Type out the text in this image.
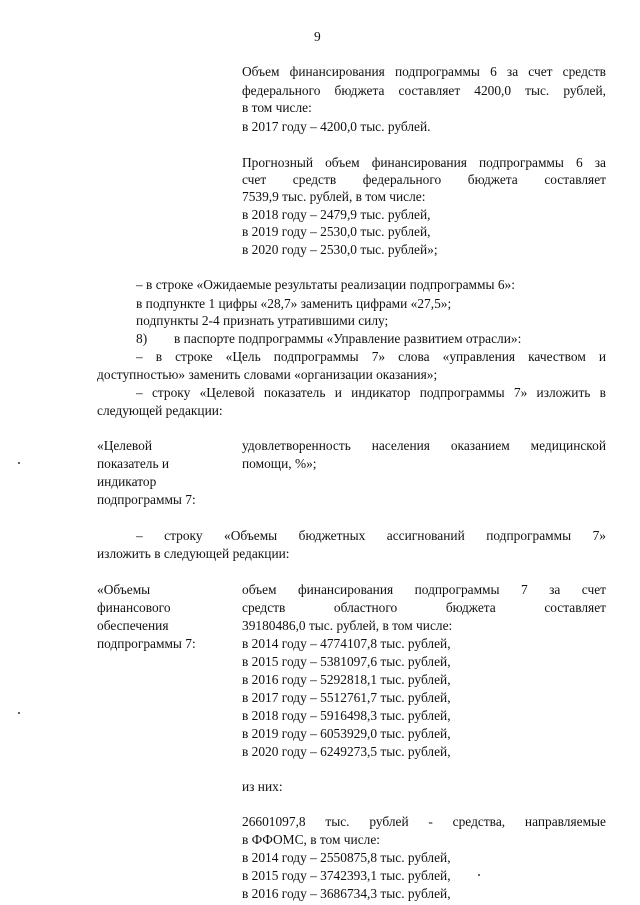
9
Объем финансирования подпрограммы 6 за счет средств
федерального бюджета составляет 4200,0 тыс. рублей,
в том числе:
в 2017 году – 4200,0 тыс. рублей.
Прогнозный объем финансирования подпрограммы 6 за
счет средств федерального бюджета составляет
7539,9 тыс. рублей, в том числе:
в 2018 году – 2479,9 тыс. рублей,
в 2019 году – 2530,0 тыс. рублей,
в 2020 году – 2530,0 тыс. рублей»;
– в строке «Ожидаемые результаты реализации подпрограммы 6»:
в подпункте 1 цифры «28,7» заменить цифрами «27,5»;
подпункты 2-4 признать утратившими силу;
8) в паспорте подпрограммы «Управление развитием отрасли»:
– в строке «Цель подпрограммы 7» слова «управления качеством и
доступностью» заменить словами «организации оказания»;
– строку «Целевой показатель и индикатор подпрограммы 7» изложить в
следующей редакции:
«Целевой
показатель и
индикатор
подпрограммы 7:
удовлетворенность населения оказанием медицинской
помощи, %»;
– строку «Объемы бюджетных ассигнований подпрограммы 7»
изложить в следующей редакции:
«Объемы
финансового
обеспечения
подпрограммы 7:
объем финансирования подпрограммы 7 за счет
средств областного бюджета составляет
39180486,0 тыс. рублей, в том числе:
в 2014 году – 4774107,8 тыс. рублей,
в 2015 году – 5381097,6 тыс. рублей,
в 2016 году – 5292818,1 тыс. рублей,
в 2017 году – 5512761,7 тыс. рублей,
в 2018 году – 5916498,3 тыс. рублей,
в 2019 году – 6053929,0 тыс. рублей,
в 2020 году – 6249273,5 тыс. рублей,
из них:
26601097,8 тыс. рублей - средства, направляемые
в ФФОМС, в том числе:
в 2014 году – 2550875,8 тыс. рублей,
в 2015 году – 3742393,1 тыс. рублей,
в 2016 году – 3686734,3 тыс. рублей,
